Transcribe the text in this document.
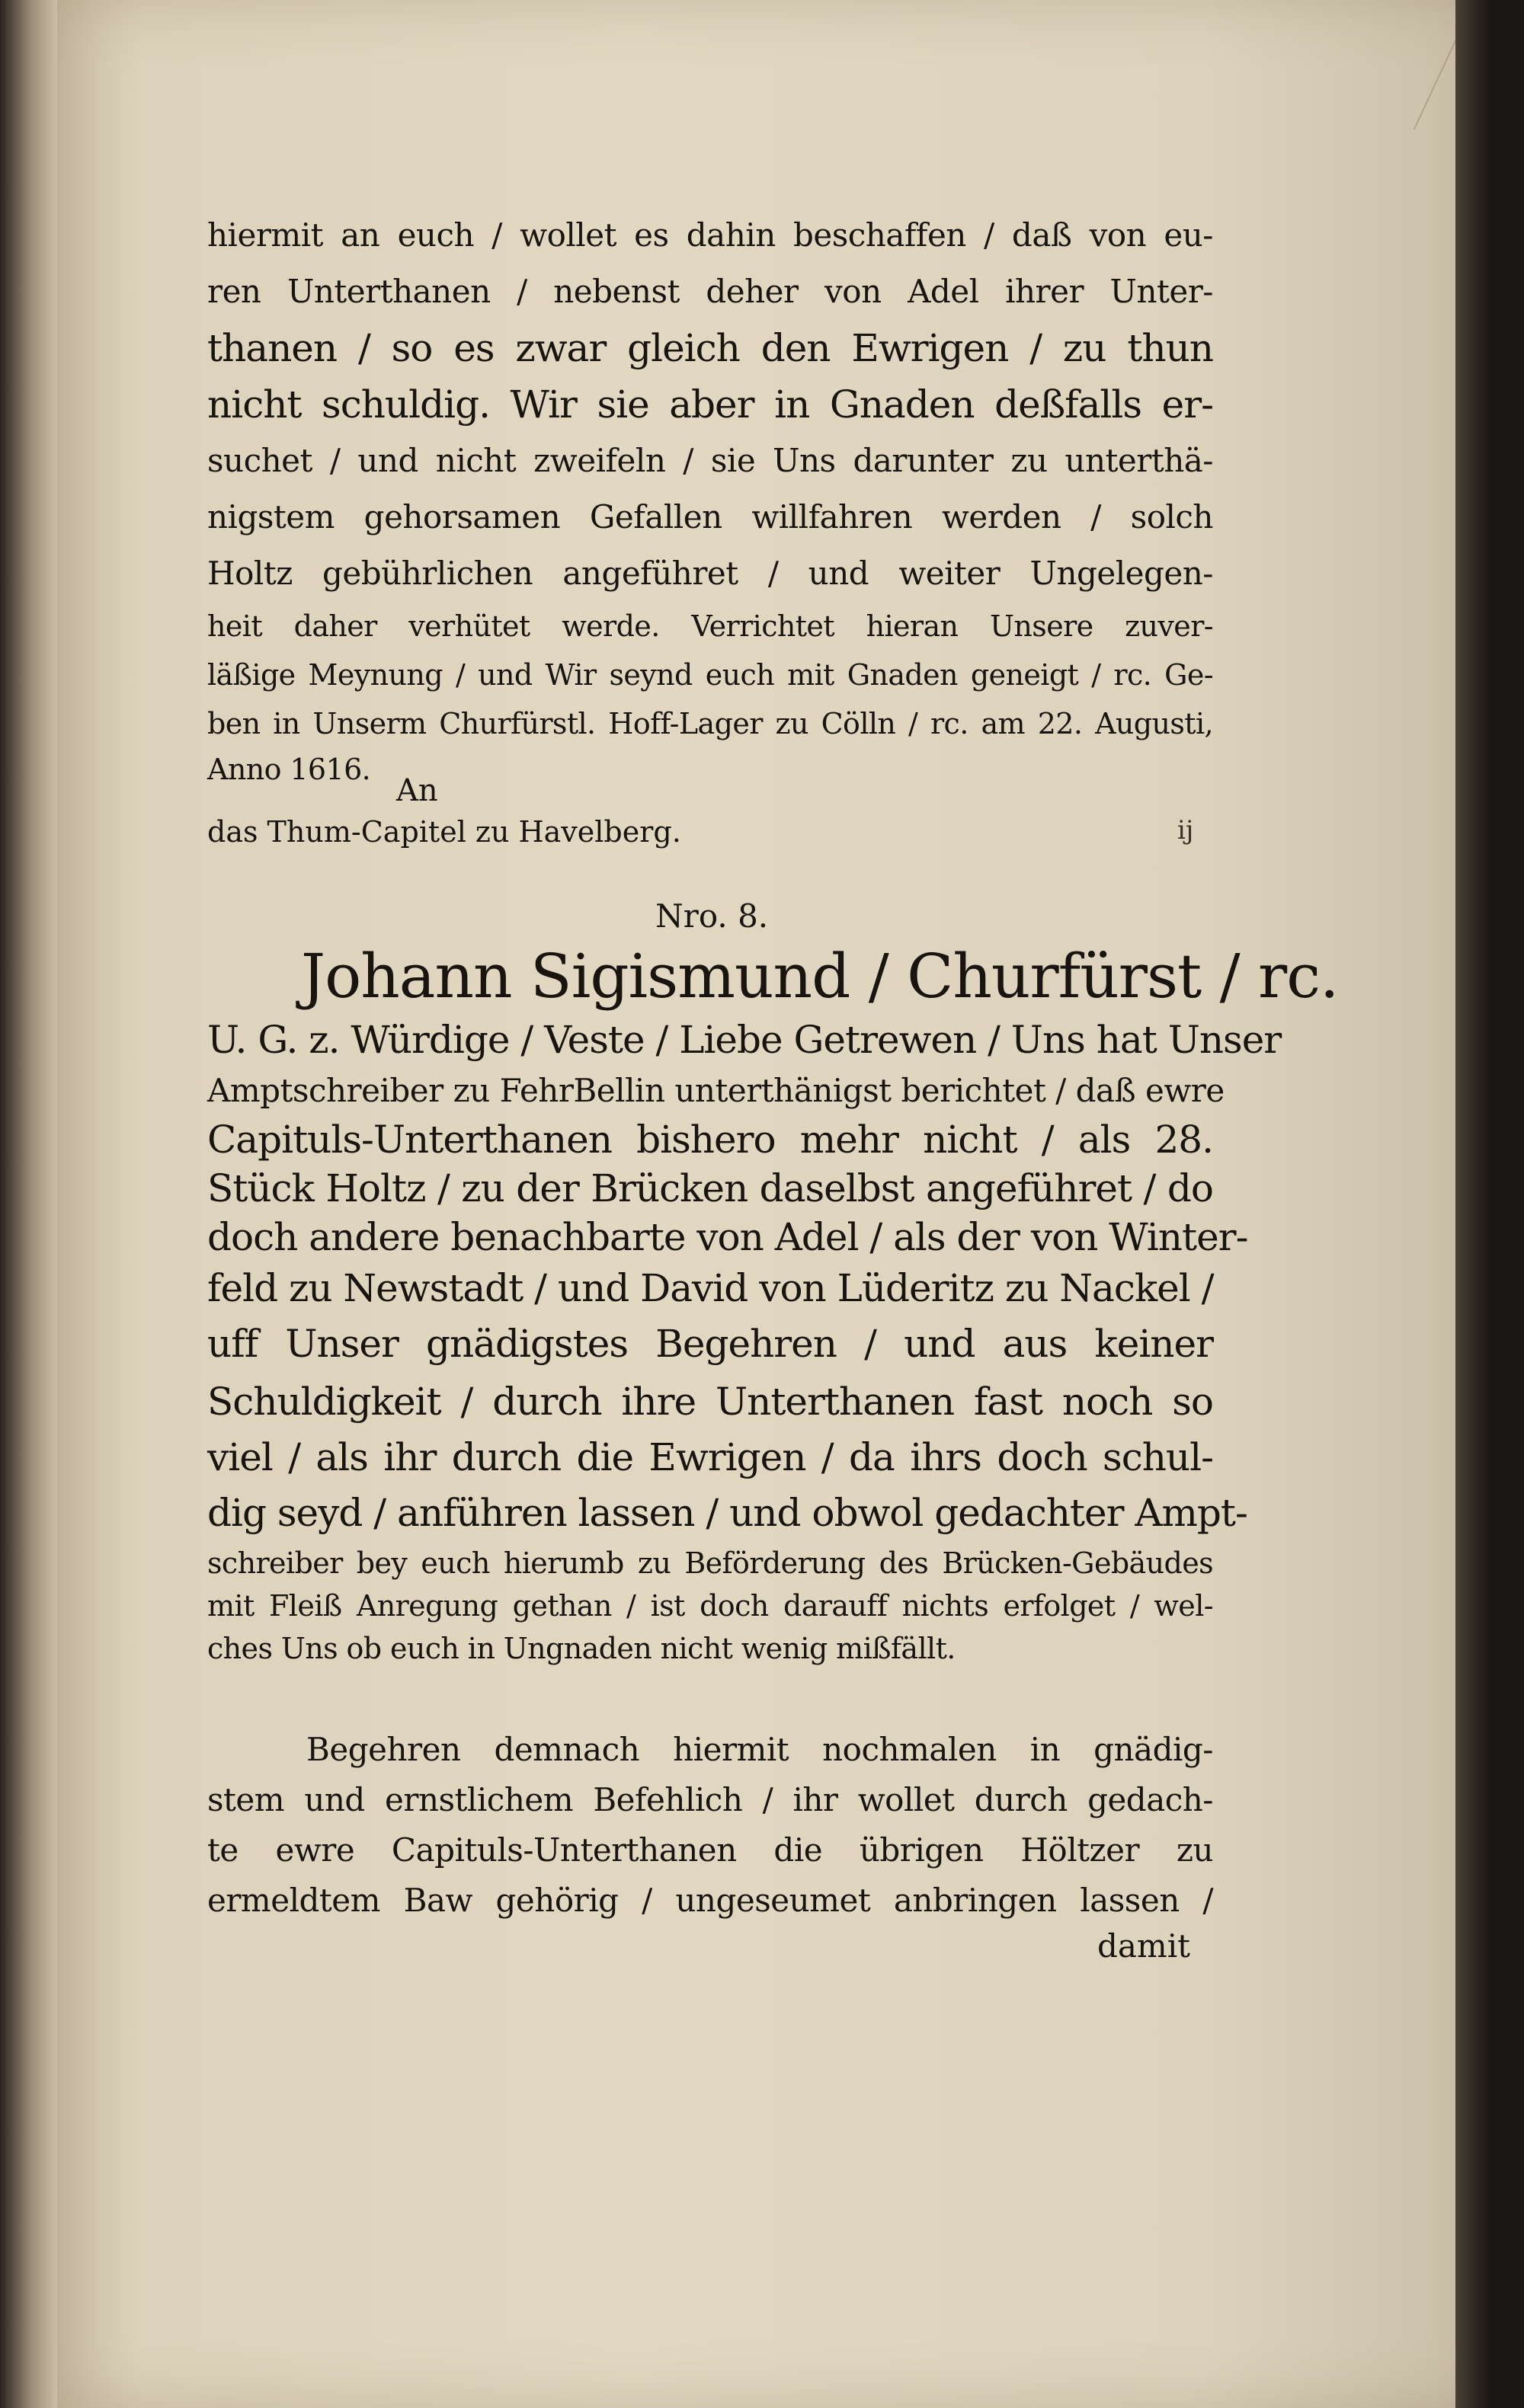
hiermit an euch / wollet es dahin beschaffen / daß von eu-
ren Unterthanen / nebenst deher von Adel ihrer Unter-
thanen / so es zwar gleich den Ewrigen / zu thun
nicht schuldig. Wir sie aber in Gnaden deßfalls er-
suchet / und nicht zweifeln / sie Uns darunter zu unterthä-
nigstem gehorsamen Gefallen willfahren werden / solch
Holtz gebührlichen angeführet / und weiter Ungelegen-
heit daher verhütet werde. Verrichtet hieran Unsere zuver-
läßige Meynung / und Wir seynd euch mit Gnaden geneigt / rc. Ge-
ben in Unserm Churfürstl. Hoff-Lager zu Cölln / rc. am 22. Augusti,
Anno 1616.
An
das Thum-Capitel zu Havelberg.	ij
Nro. 8.
Johann Sigismund / Churfürst / rc.
U. G. z. Würdige / Veste / Liebe Getrewen / Uns hat Unser
Amptschreiber zu FehrBellin unterthänigst berichtet / daß ewre
Capituls-Unterthanen bishero mehr nicht / als 28.
Stück Holtz / zu der Brücken daselbst angeführet / do
doch andere benachbarte von Adel / als der von Winter-
feld zu Newstadt / und David von Lüderitz zu Nackel /
uff Unser gnädigstes Begehren / und aus keiner
Schuldigkeit / durch ihre Unterthanen fast noch so
viel / als ihr durch die Ewrigen / da ihrs doch schul-
dig seyd / anführen lassen / und obwol gedachter Ampt-
schreiber bey euch hierumb zu Beförderung des Brücken-Gebäudes
mit Fleiß Anregung gethan / ist doch darauff nichts erfolget / wel-
ches Uns ob euch in Ungnaden nicht wenig mißfällt.
Begehren demnach hiermit nochmalen in gnädig-
stem und ernstlichem Befehlich / ihr wollet durch gedach-
te ewre Capituls-Unterthanen die übrigen Höltzer zu
ermeldtem Baw gehörig / ungeseumet anbringen lassen /
damit
